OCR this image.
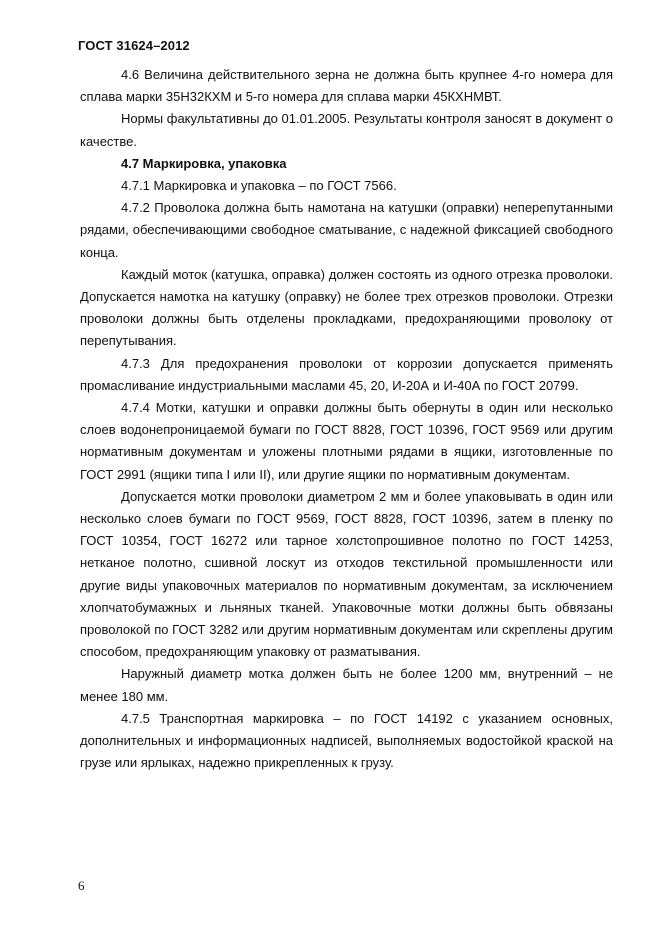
ГОСТ 31624–2012

4.6 Величина действительного зерна не должна быть крупнее 4-го номера для сплава марки 35Н32КХМ и 5-го номера для сплава марки 45КХНМВТ.

Нормы факультативны до 01.01.2005. Результаты контроля заносят в документ о качестве.

4.7 Маркировка, упаковка

4.7.1 Маркировка и упаковка – по ГОСТ 7566.

4.7.2 Проволока должна быть намотана на катушки (оправки) неперепутанными рядами, обеспечивающими свободное сматывание, с надежной фиксацией свободного конца.

Каждый моток (катушка, оправка) должен состоять из одного отрезка проволоки. Допускается намотка на катушку (оправку) не более трех отрезков проволоки. Отрезки проволоки должны быть отделены прокладками, предохраняющими проволоку от перепутывания.

4.7.3 Для предохранения проволоки от коррозии допускается применять промасливание индустриальными маслами 45, 20, И-20А и И-40А по ГОСТ 20799.

4.7.4 Мотки, катушки и оправки должны быть обернуты в один или несколько слоев водонепроницаемой бумаги по ГОСТ 8828, ГОСТ 10396, ГОСТ 9569 или другим нормативным документам и уложены плотными рядами в ящики, изготовленные по ГОСТ 2991 (ящики типа I или II), или другие ящики по нормативным документам.

Допускается мотки проволоки диаметром 2 мм и более упаковывать в один или несколько слоев бумаги по ГОСТ 9569, ГОСТ 8828, ГОСТ 10396, затем в пленку по ГОСТ 10354, ГОСТ 16272 или тарное холстопрошивное полотно по ГОСТ 14253, нетканое полотно, сшивной лоскут из отходов текстильной промышленности или другие виды упаковочных материалов по нормативным документам, за исключением хлопчатобумажных и льняных тканей. Упаковочные мотки должны быть обвязаны проволокой по ГОСТ 3282 или другим нормативным документам или скреплены другим способом, предохраняющим упаковку от разматывания.

Наружный диаметр мотка должен быть не более 1200 мм, внутренний – не менее 180 мм.

4.7.5 Транспортная маркировка – по ГОСТ 14192 с указанием основных, дополнительных и информационных надписей, выполняемых водостойкой краской на грузе или ярлыках, надежно прикрепленных к грузу.

6
